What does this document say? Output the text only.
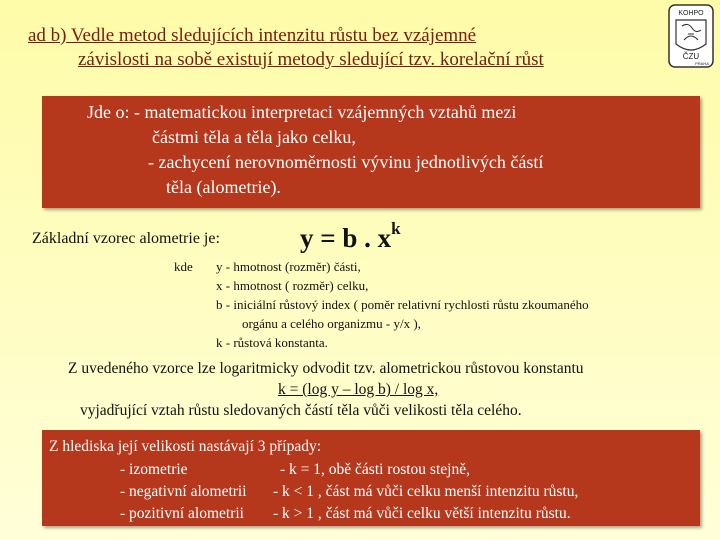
ad b) Vedle metod sledujících intenzitu růstu bez vzájemné
závislosti na sobě existují metody sledující tzv. korelační růst
KOHPO
ČZU
PRAHA
Jde o: - matematickou interpretaci vzájemných vztahů mezi
částmi těla a těla jako celku,
- zachycení nerovnoměrnosti vývinu jednotlivých částí
těla (alometrie).
Základní vzorec alometrie je:	y = b . $x^k$
kde y - hmotnost (rozměr) části,
x - hmotnost ( rozměr) celku,
b - iniciální růstový index ( poměr relativní rychlosti růstu zkoumaného
orgánu a celého organizmu - y/x ),
k - růstová konstanta.
Z uvedeného vzorce lze logaritmicky odvodit tzv. alometrickou růstovou konstantu
k = (log y – log b) / log x,
vyjadřující vztah růstu sledovaných částí těla vůči velikosti těla celého.
Z hlediska její velikosti nastávají 3 případy:
- izometrie	- k = 1, obě části rostou stejně,
- negativní alometrii - k < 1 , část má vůči celku menší intenzitu růstu,
- pozitivní alometrii - k > 1 , část má vůči celku větší intenzitu růstu.
